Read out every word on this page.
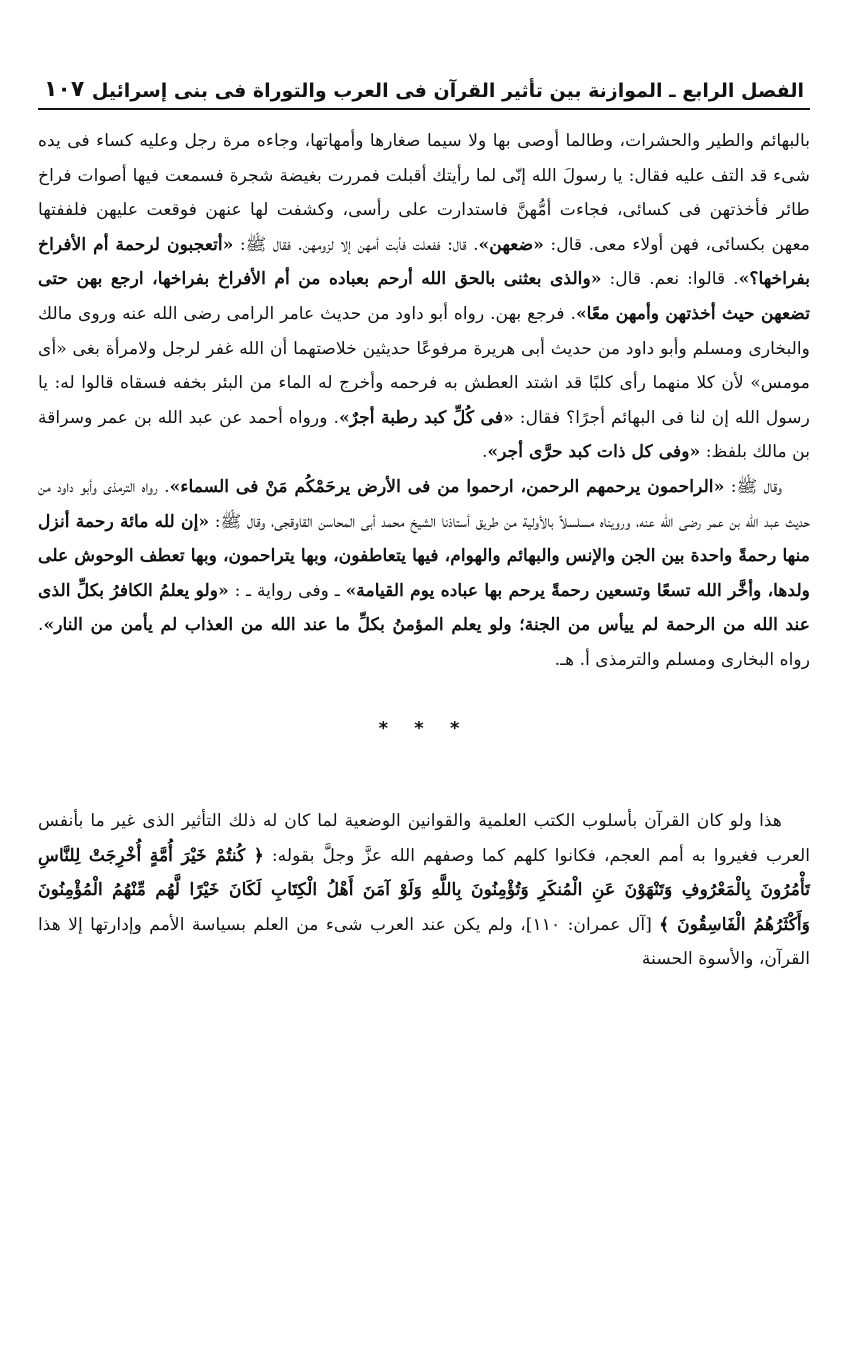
الفصل الرابع ـ الموازنة بين تأثير القرآن فى العرب والتوراة فى بنى إسرائيل
١٠٧

بالبهائم والطير والحشرات، وطالما أوصى بها ولا سيما صغارها وأمهاتها، وجاءه مرة رجل وعليه كساء فى يده شىء قد التف عليه فقال: يا رسولَ الله إنّى لما رأيتك أقبلت فمررت بغيضة شجرة فسمعت فيها أصوات فراخ طائر فأخذتهن فى كسائى، فجاءت أمُّهنَّ فاستدارت على رأسى، وكشفت لها عنهن فوقعت عليهن فلففتها معهن بكسائى، فهن أولاء معى. قال: «ضعهن». قال: ففعلت فأبت أمهن إلا لزومهن. فقال ﷺ: «أتعجبون لرحمة أم الأفراخ بفراخها؟». قالوا: نعم. قال: «والذى بعثنى بالحق الله أرحم بعباده من أم الأفراخ بفراخها، ارجع بهن حتى تضعهن حيث أخذتهن وأمهن معًا». فرجع بهن. رواه أبو داود من حديث عامر الرامى رضى الله عنه وروى مالك والبخارى ومسلم وأبو داود من حديث أبى هريرة مرفوعًا حديثين خلاصتهما أن الله غفر لرجل ولامرأة بغى «أى مومس» لأن كلا منهما رأى كلبًا قد اشتد العطش به فرحمه وأخرج له الماء من البئر بخفه فسقاه قالوا له: يا رسول الله إن لنا فى البهائم أجرًا؟ فقال: «فى كُلِّ كبد رطبة أجرٌ». ورواه أحمد عن عبد الله بن عمر وسراقة بن مالك بلفظ: «وفى كل ذات كبد حرَّى أجر».

وقال ﷺ: «الراحمون يرحمهم الرحمن، ارحموا من فى الأرض يرحَمْكُم مَنْ فى السماء». رواه الترمذى وأبو داود من حديث عبد الله بن عمر رضى الله عنه، ورويناه مسلسلاً بالأولية من طريق أستاذنا الشيخ محمد أبى المحاسن القاوقجى، وقال ﷺ: «إن لله مائة رحمة أنزل منها رحمةً واحدة بين الجن والإنس والبهائم والهوام، فيها يتعاطفون، وبها يتراحمون، وبها تعطف الوحوش على ولدها، وأخَّر الله تسعًا وتسعين رحمةً يرحم بها عباده يوم القيامة» ـ وفى رواية ـ : «ولو يعلمُ الكافرُ بكلِّ الذى عند الله من الرحمة لم ييأس من الجنة؛ ولو يعلم المؤمنُ بكلِّ ما عند الله من العذاب لم يأمن من النار». رواه البخارى ومسلم والترمذى أ. هـ.

* * *

هذا ولو كان القرآن بأسلوب الكتب العلمية والقوانين الوضعية لما كان له ذلك التأثير الذى غير ما بأنفس العرب فغيروا به أمم العجم، فكانوا كلهم كما وصفهم الله عزَّ وجلَّ بقوله: ﴿ كُنتُمْ خَيْرَ أُمَّةٍ أُخْرِجَتْ لِلنَّاسِ تَأْمُرُونَ بِالْمَعْرُوفِ وَتَنْهَوْنَ عَنِ الْمُنكَرِ وَتُؤْمِنُونَ بِاللَّهِ وَلَوْ آمَنَ أَهْلُ الْكِتَابِ لَكَانَ خَيْرًا لَّهُم مِّنْهُمُ الْمُؤْمِنُونَ وَأَكْثَرُهُمُ الْفَاسِقُونَ ﴾ [آل عمران: ١١٠]، ولم يكن عند العرب شىء من العلم بسياسة الأمم وإدارتها إلا هذا القرآن، والأسوة الحسنة
